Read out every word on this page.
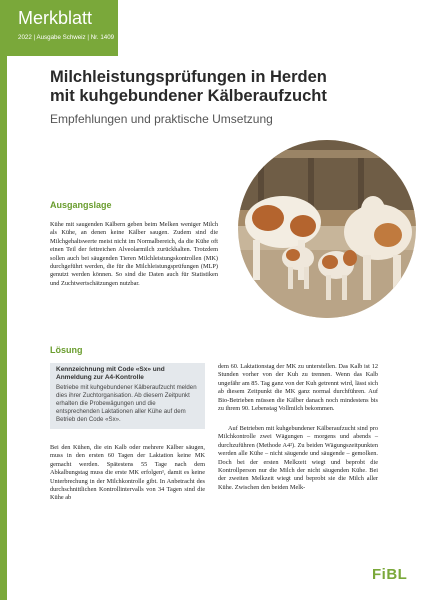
Merkblatt
2022 | Ausgabe Schweiz | Nr. 1409
Milchleistungsprüfungen in Herden mit kuhgebundener Kälberaufzucht
Empfehlungen und praktische Umsetzung
Ausgangslage
Kühe mit saugenden Kälbern geben beim Melken weniger Milch als Kühe, an denen keine Kälber saugen. Zudem sind die Milchgehaltswerte meist nicht im Normalbereich, da die Kühe oft einen Teil der fettreichen Alveolarmilch zurückhalten. Trotzdem sollen auch bei säugenden Tieren Milchleistungskontrollen (MK) durchgeführt werden, die für die Milchleistungsprüfungen (MLP) genutzt werden können. So sind die Daten auch für Statistiken und Zuchtwertschätzungen nutzbar.
Lösung
Kennzeichnung mit Code «Sx» und Anmeldung zur A4-Kontrolle
Betriebe mit kuhgebundener Kälberaufzucht melden dies ihrer Zuchtorganisation. Ab diesem Zeitpunkt erhalten die Probewägungen und die entsprechenden Laktationen aller Kühe auf dem Betrieb den Code «Sx».
Bei den Kühen, die ein Kalb oder mehrere Kälber säugen, muss in den ersten 60 Tagen der Laktation keine MK gemacht werden. Spätestens 55 Tage nach dem Abkalbungstag muss die erste MK erfolgen¹, damit es keine Unterbrechung in der Milchkontrolle gibt. In Anbetracht des durchschnittlichen Kontrollintervalls von 34 Tagen sind die Kühe ab
dem 60. Laktationstag der MK zu unterstellen. Das Kalb ist 12 Stunden vorher von der Kuh zu trennen. Wenn das Kalb ungefähr am 85. Tag ganz von der Kuh getrennt wird, lässt sich ab diesem Zeitpunkt die MK ganz normal durchführen. Auf Bio-Betrieben müssen die Kälber danach noch mindestens bis zu ihrem 90. Lebenstag Vollmilch bekommen.
Auf Betrieben mit kuhgebundener Kälberaufzucht sind pro Milchkontrolle zwei Wägungen – morgens und abends – durchzuführen (Methode A4²). Zu beiden Wägungszeitpunkten werden alle Kühe – nicht säugende und säugende – gemolken. Doch bei der ersten Melkzeit wiegt und beprobt die Kontrollperson nur die Milch der nicht säugenden Kühe. Bei der zweiten Melkzeit wiegt und beprobt sie die Milch aller Kühe. Zwischen den beiden Melk-
FiBL
